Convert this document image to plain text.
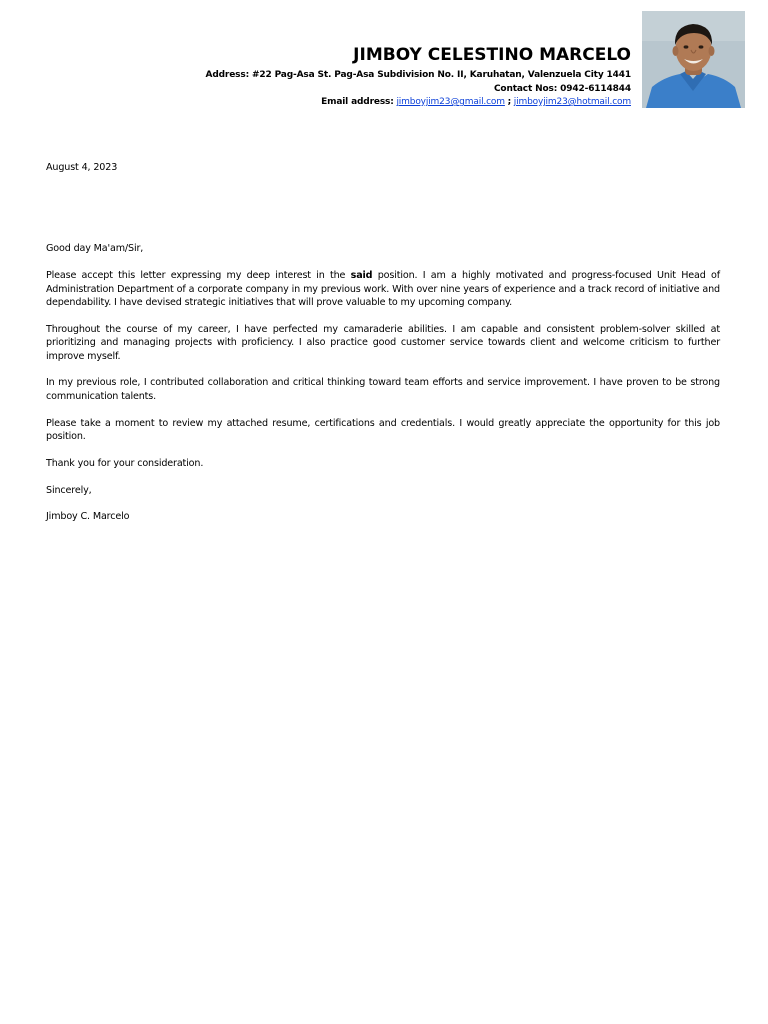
JIMBOY CELESTINO MARCELO
Address: #22 Pag-Asa St. Pag-Asa Subdivision No. II, Karuhatan, Valenzuela City 1441
Contact Nos: 0942-6114844
Email address: jimboyjim23@gmail.com ; jimboyjim23@hotmail.com

August 4, 2023

Good day Ma'am/Sir,

Please accept this letter expressing my deep interest in the said position. I am a highly motivated and progress-focused Unit Head of Administration Department of a corporate company in my previous work. With over nine years of experience and a track record of initiative and dependability. I have devised strategic initiatives that will prove valuable to my upcoming company.

Throughout the course of my career, I have perfected my camaraderie abilities. I am capable and consistent problem-solver skilled at prioritizing and managing projects with proficiency. I also practice good customer service towards client and welcome criticism to further improve myself.

In my previous role, I contributed collaboration and critical thinking toward team efforts and service improvement. I have proven to be strong communication talents.

Please take a moment to review my attached resume, certifications and credentials. I would greatly appreciate the opportunity for this job position.

Thank you for your consideration.

Sincerely,

Jimboy C. Marcelo
